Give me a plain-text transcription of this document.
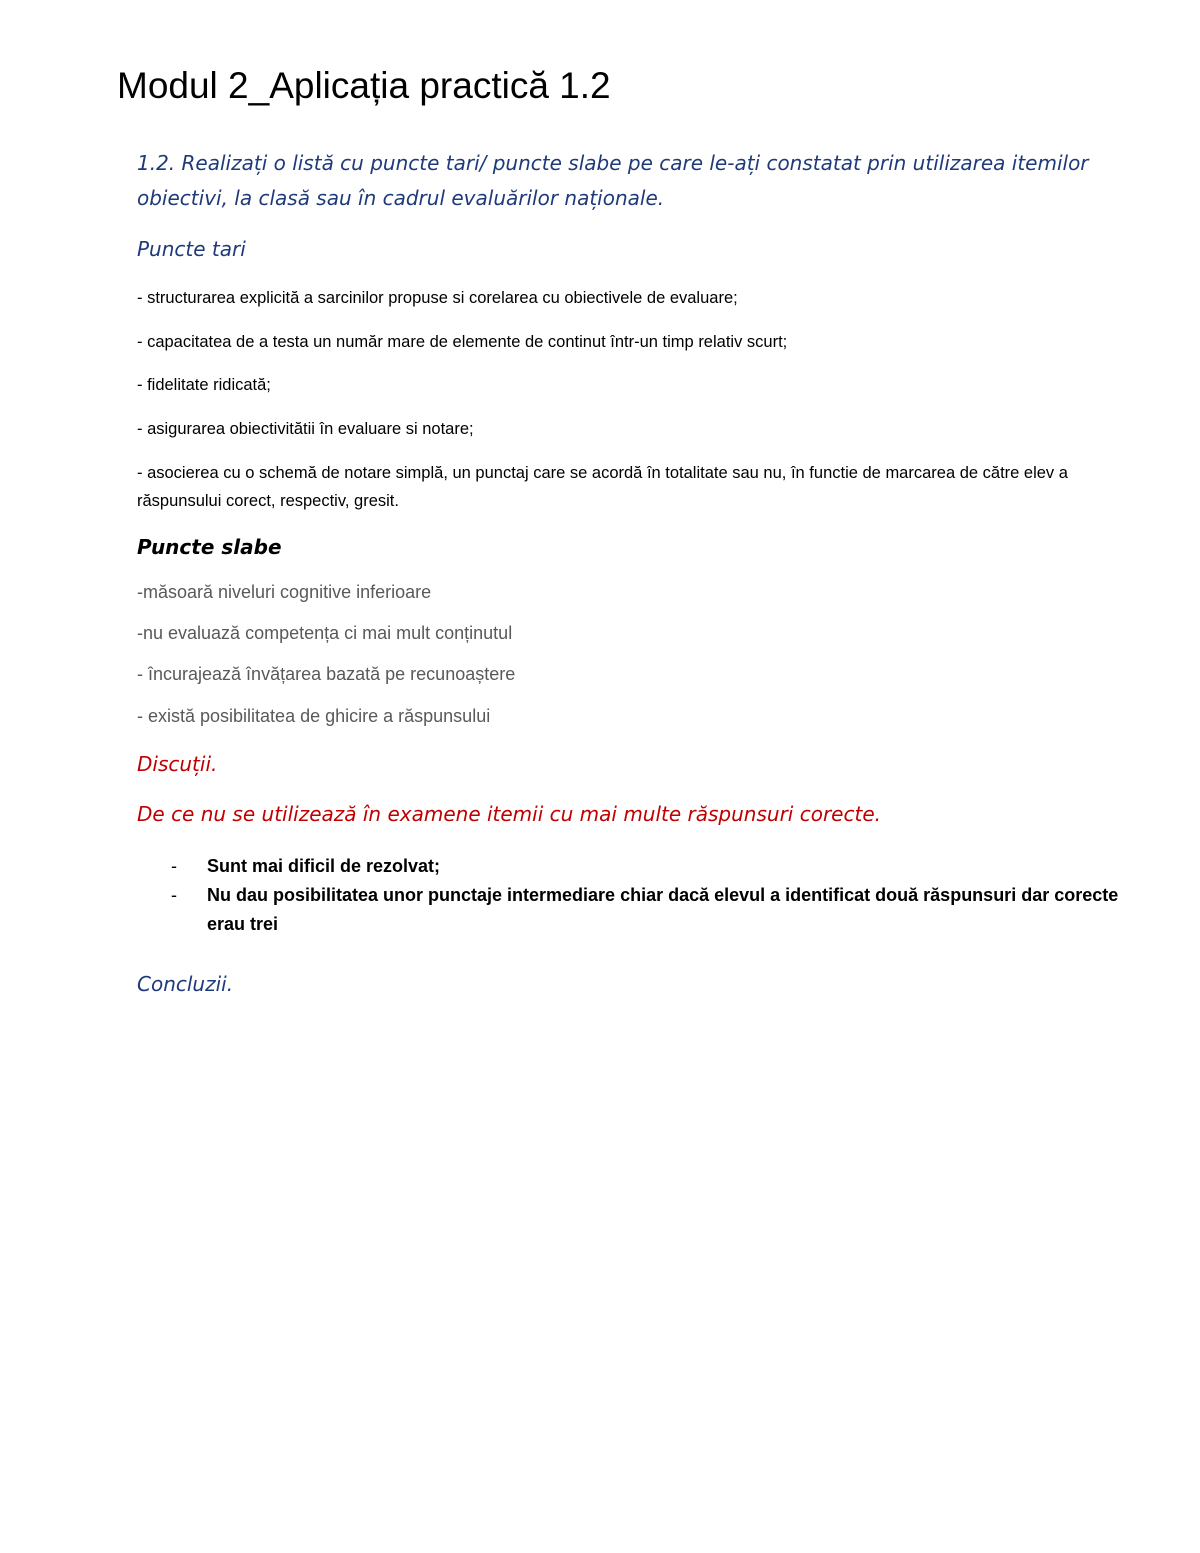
Modul 2_Aplicația practică 1.2
1.2. Realizați o listă cu puncte tari/ puncte slabe pe care le-ați constatat prin utilizarea itemilor obiectivi, la clasă sau în cadrul evaluărilor naționale.
Puncte tari
- structurarea explicită a sarcinilor propuse si corelarea cu obiectivele de evaluare;
- capacitatea de a testa un număr mare de elemente de continut într-un timp relativ scurt;
- fidelitate ridicată;
- asigurarea obiectivitătii în evaluare si notare;
- asocierea cu o schemă de notare simplă, un punctaj care se acordă în totalitate sau nu, în functie de marcarea de către elev a răspunsului corect, respectiv, gresit.
Puncte slabe
-măsoară niveluri cognitive inferioare
-nu evaluază competența ci mai mult conținutul
- încurajează învățarea bazată pe recunoaștere
- există posibilitatea de ghicire a răspunsului
Discuții.
De ce nu se utilizează în examene itemii cu mai multe răspunsuri corecte.
- Sunt mai dificil de rezolvat;
- Nu dau posibilitatea unor punctaje intermediare chiar dacă elevul a identificat două răspunsuri dar corecte erau trei
Concluzii.
